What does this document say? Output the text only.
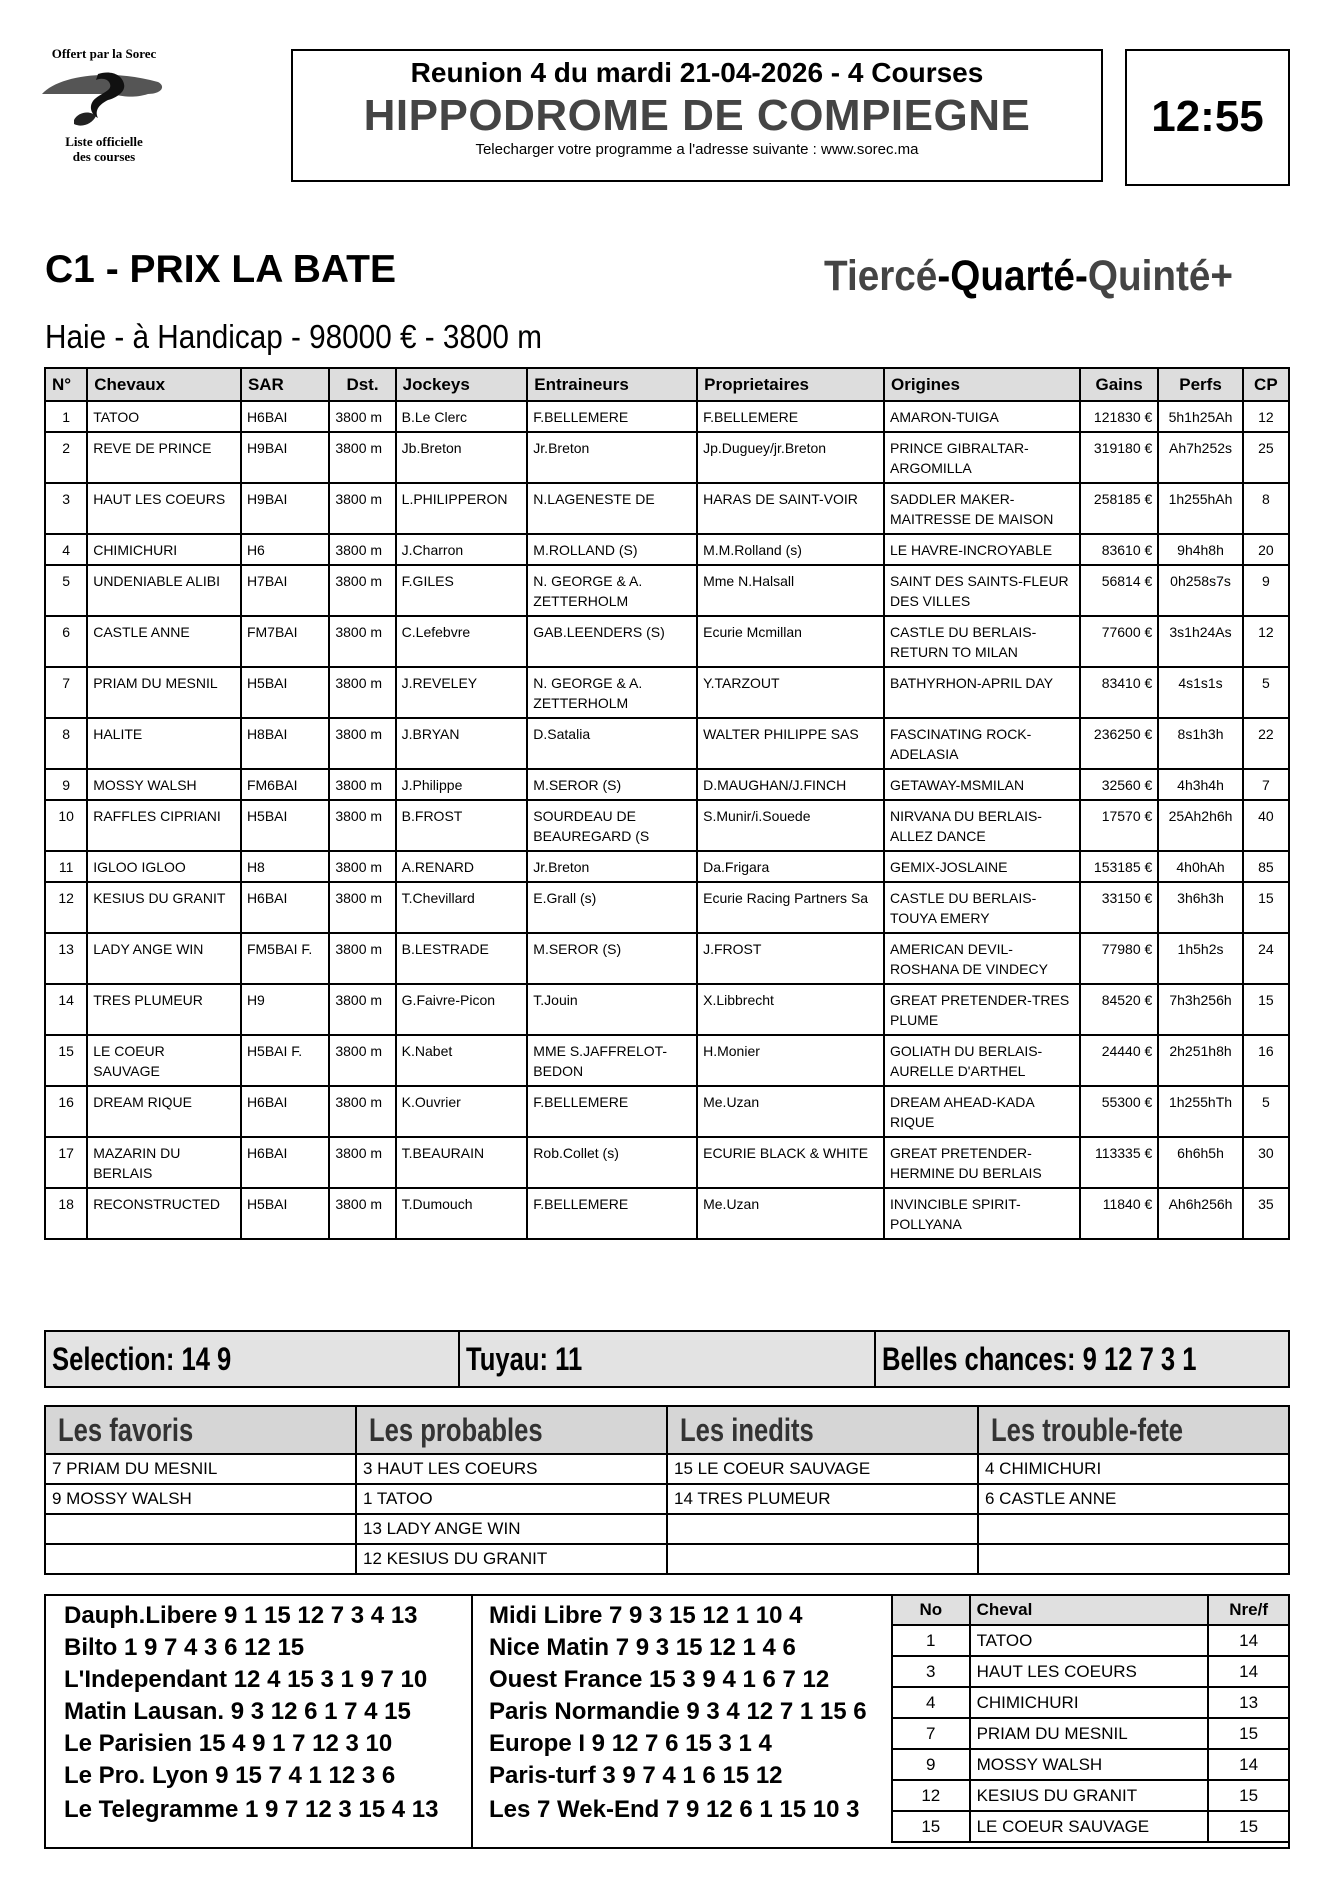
Offert par la Sorec
Liste officielle
des courses
Reunion 4 du mardi 21-04-2026 - 4 Courses
HIPPODROME DE COMPIEGNE
Telecharger votre programme a l'adresse suivante : www.sorec.ma
12:55
C1 - PRIX LA BATE	Tiercé-Quarté-Quinté+
Haie - à Handicap - 98000 € - 3800 m
N°	Chevaux	SAR	Dst.	Jockeys	Entraineurs	Proprietaires	Origines	Gains	Perfs	CP
1	TATOO	H6BAI	3800 m	B.Le Clerc	F.BELLEMERE	F.BELLEMERE	AMARON-TUIGA	121830 €	5h1h25Ah	12
2	REVE DE PRINCE	H9BAI	3800 m	Jb.Breton	Jr.Breton	Jp.Duguey/jr.Breton	PRINCE GIBRALTAR-ARGOMILLA	319180 €	Ah7h252s	25
3	HAUT LES COEURS	H9BAI	3800 m	L.PHILIPPERON	N.LAGENESTE DE	HARAS DE SAINT-VOIR	SADDLER MAKER-MAITRESSE DE MAISON	258185 €	1h255hAh	8
4	CHIMICHURI	H6	3800 m	J.Charron	M.ROLLAND (S)	M.M.Rolland (s)	LE HAVRE-INCROYABLE	83610 €	9h4h8h	20
5	UNDENIABLE ALIBI	H7BAI	3800 m	F.GILES	N. GEORGE & A. ZETTERHOLM	Mme N.Halsall	SAINT DES SAINTS-FLEUR DES VILLES	56814 €	0h258s7s	9
6	CASTLE ANNE	FM7BAI	3800 m	C.Lefebvre	GAB.LEENDERS (S)	Ecurie Mcmillan	CASTLE DU BERLAIS-RETURN TO MILAN	77600 €	3s1h24As	12
7	PRIAM DU MESNIL	H5BAI	3800 m	J.REVELEY	N. GEORGE & A. ZETTERHOLM	Y.TARZOUT	BATHYRHON-APRIL DAY	83410 €	4s1s1s	5
8	HALITE	H8BAI	3800 m	J.BRYAN	D.Satalia	WALTER PHILIPPE SAS	FASCINATING ROCK-ADELASIA	236250 €	8s1h3h	22
9	MOSSY WALSH	FM6BAI	3800 m	J.Philippe	M.SEROR (S)	D.MAUGHAN/J.FINCH	GETAWAY-MSMILAN	32560 €	4h3h4h	7
10	RAFFLES CIPRIANI	H5BAI	3800 m	B.FROST	SOURDEAU DE BEAUREGARD (S	S.Munir/i.Souede	NIRVANA DU BERLAIS-ALLEZ DANCE	17570 €	25Ah2h6h	40
11	IGLOO IGLOO	H8	3800 m	A.RENARD	Jr.Breton	Da.Frigara	GEMIX-JOSLAINE	153185 €	4h0hAh	85
12	KESIUS DU GRANIT	H6BAI	3800 m	T.Chevillard	E.Grall (s)	Ecurie Racing Partners Sa	CASTLE DU BERLAIS-TOUYA EMERY	33150 €	3h6h3h	15
13	LADY ANGE WIN	FM5BAI F.	3800 m	B.LESTRADE	M.SEROR (S)	J.FROST	AMERICAN DEVIL-ROSHANA DE VINDECY	77980 €	1h5h2s	24
14	TRES PLUMEUR	H9	3800 m	G.Faivre-Picon	T.Jouin	X.Libbrecht	GREAT PRETENDER-TRES PLUME	84520 €	7h3h256h	15
15	LE COEUR SAUVAGE	H5BAI F.	3800 m	K.Nabet	MME S.JAFFRELOT-BEDON	H.Monier	GOLIATH DU BERLAIS-AURELLE D'ARTHEL	24440 €	2h251h8h	16
16	DREAM RIQUE	H6BAI	3800 m	K.Ouvrier	F.BELLEMERE	Me.Uzan	DREAM AHEAD-KADA RIQUE	55300 €	1h255hTh	5
17	MAZARIN DU BERLAIS	H6BAI	3800 m	T.BEAURAIN	Rob.Collet (s)	ECURIE BLACK & WHITE	GREAT PRETENDER-HERMINE DU BERLAIS	113335 €	6h6h5h	30
18	RECONSTRUCTED	H5BAI	3800 m	T.Dumouch	F.BELLEMERE	Me.Uzan	INVINCIBLE SPIRIT-POLLYANA	11840 €	Ah6h256h	35
Selection: 14 9	Tuyau: 11	Belles chances: 9 12 7 3 1
Les favoris	Les probables	Les inedits	Les trouble-fete
7 PRIAM DU MESNIL	3 HAUT LES COEURS	15 LE COEUR SAUVAGE	4 CHIMICHURI
9 MOSSY WALSH	1 TATOO	14 TRES PLUMEUR	6 CASTLE ANNE
	13 LADY ANGE WIN		
	12 KESIUS DU GRANIT		
Dauph.Libere 9 1 15 12 7 3 4 13
Bilto 1 9 7 4 3 6 12 15
L'Independant 12 4 15 3 1 9 7 10
Matin Lausan. 9 3 12 6 1 7 4 15
Le Parisien 15 4 9 1 7 12 3 10
Le Pro. Lyon 9 15 7 4 1 12 3 6
Le Telegramme 1 9 7 12 3 15 4 13
Midi Libre 7 9 3 15 12 1 10 4
Nice Matin 7 9 3 15 12 1 4 6
Ouest France 15 3 9 4 1 6 7 12
Paris Normandie 9 3 4 12 7 1 15 6
Europe I 9 12 7 6 15 3 1 4
Paris-turf 3 9 7 4 1 6 15 12
Les 7 Wek-End 7 9 12 6 1 15 10 3
No	Cheval	Nre/f
1	TATOO	14
3	HAUT LES COEURS	14
4	CHIMICHURI	13
7	PRIAM DU MESNIL	15
9	MOSSY WALSH	14
12	KESIUS DU GRANIT	15
15	LE COEUR SAUVAGE	15
